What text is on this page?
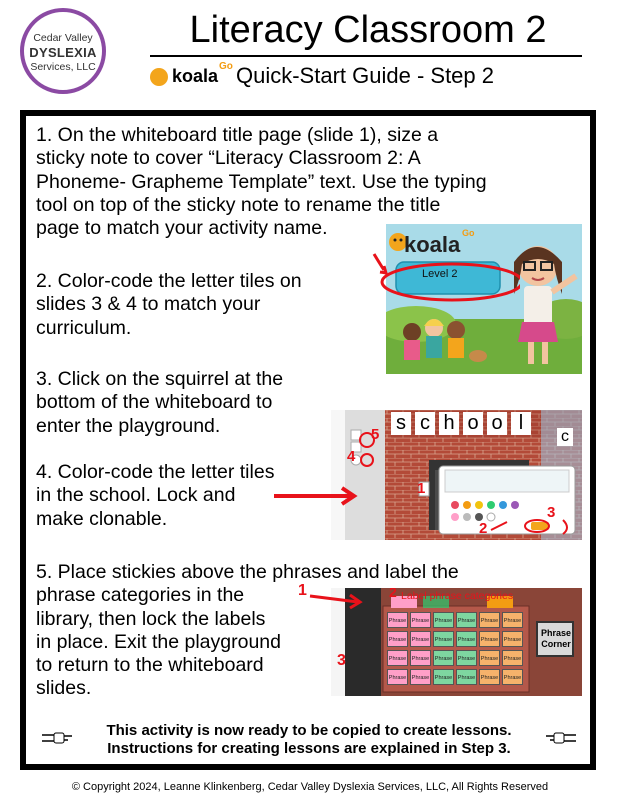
Cedar Valley
DYSLEXIA
Services, LLC
Literacy Classroom 2
koala Go Quick-Start Guide - Step 2
1. On the whiteboard title page (slide 1), size a
sticky note to cover “Literacy Classroom 2: A
Phoneme- Grapheme Template” text. Use the typing
tool on top of the sticky note to rename the title
page to match your activity name.
2. Color-code the letter tiles on
slides 3 & 4 to match your
curriculum.
3. Click on the squirrel at the
bottom of the whiteboard to
enter the playground.
4. Color-code the letter tiles
in the school. Lock and
make clonable.
5. Place stickies above the phrases and label the
phrase categories in the
library, then lock the labels
in place. Exit the playground
to return to the whiteboard
slides.
koala Go
Level 2
s c h o o l
c
4
5
1
2
3
Label phrase categories
Phrase	Phrase	Phrase	Phrase	Phrase	Phrase
Phrase	Phrase	Phrase	Phrase	Phrase	Phrase
Phrase	Phrase	Phrase	Phrase	Phrase	Phrase
Phrase	Phrase	Phrase	Phrase	Phrase	Phrase
Phrase
Corner
2
3
1
This activity is now ready to be copied to create lessons.
Instructions for creating lessons are explained in Step 3.
© Copyright 2024, Leanne Klinkenberg, Cedar Valley Dyslexia Services, LLC, All Rights Reserved
